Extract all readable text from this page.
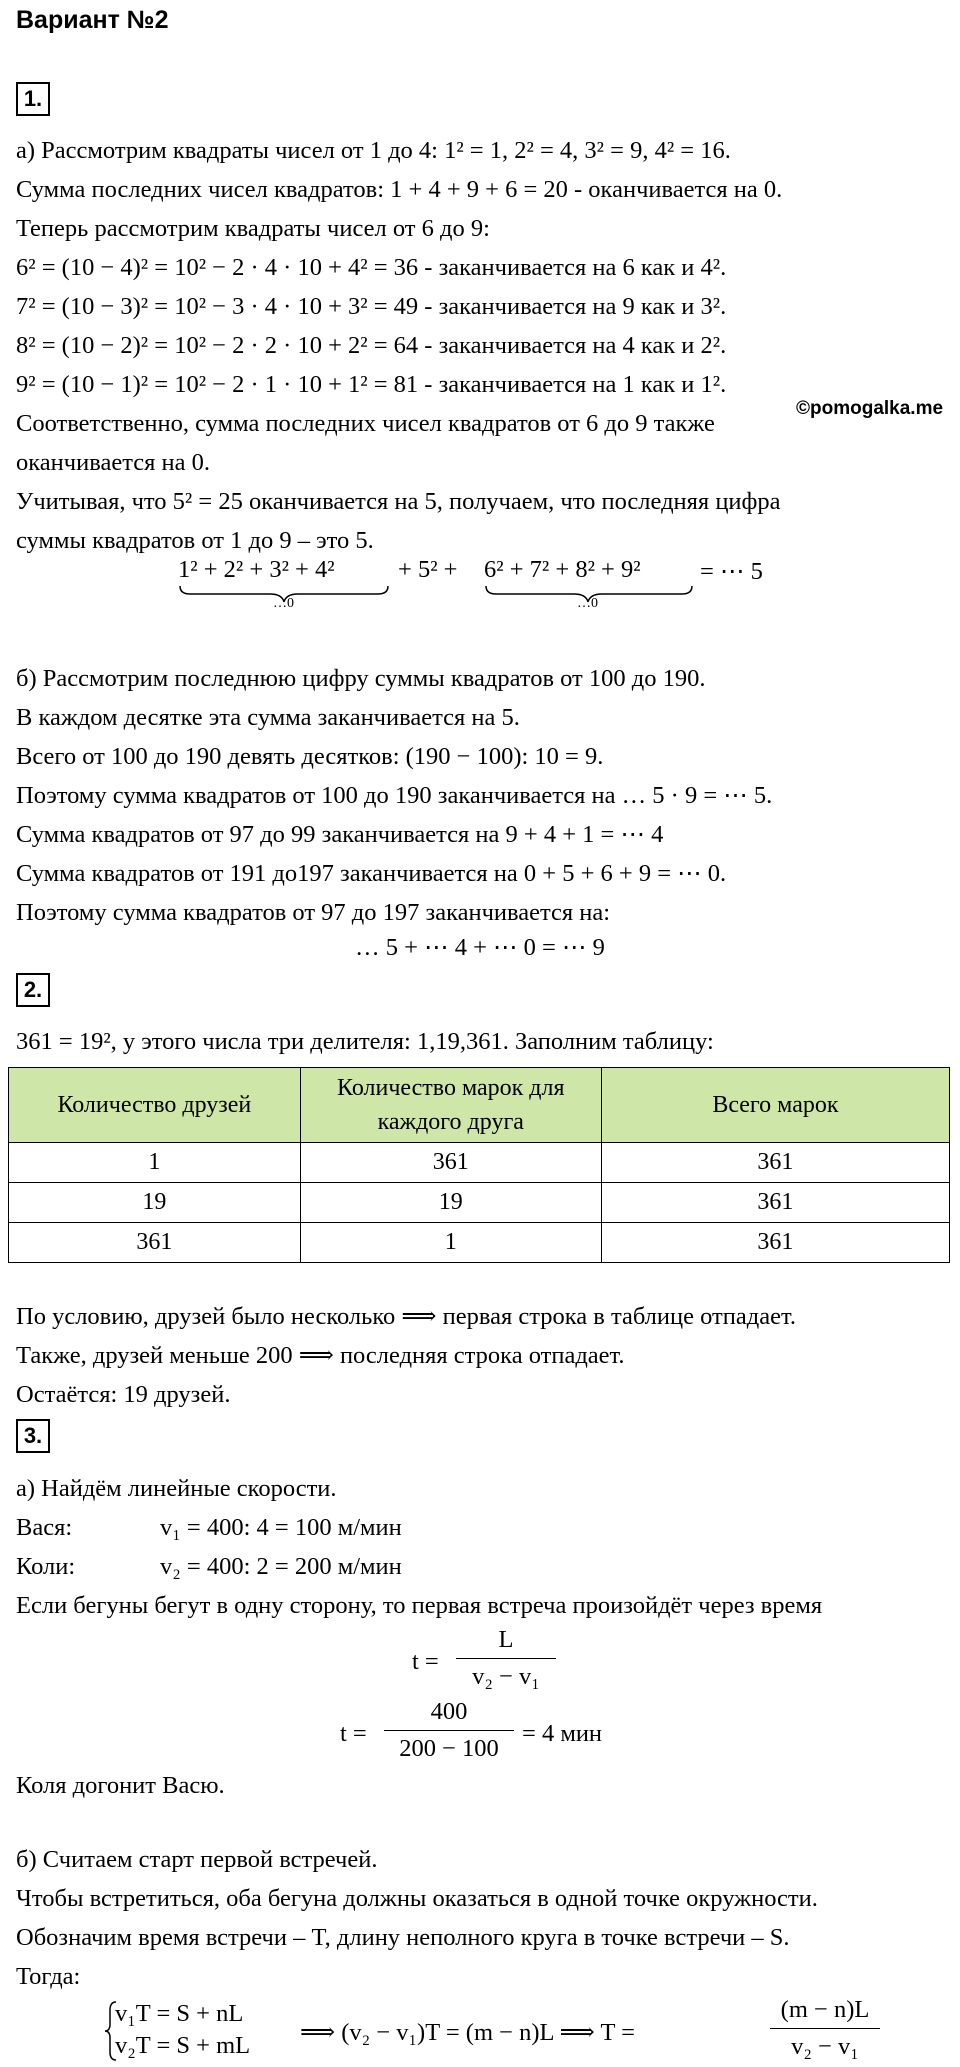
Вариант №2
1.
а) Рассмотрим квадраты чисел от 1 до 4: 1² = 1, 2² = 4, 3² = 9, 4² = 16.
Сумма последних чисел квадратов: 1 + 4 + 9 + 6 = 20 - оканчивается на 0.
Теперь рассмотрим квадраты чисел от 6 до 9:
6² = (10 − 4)² = 10² − 2 · 4 · 10 + 4² = 36 - заканчивается на 6 как и 4².
7² = (10 − 3)² = 10² − 3 · 4 · 10 + 3² = 49 - заканчивается на 9 как и 3².
8² = (10 − 2)² = 10² − 2 · 2 · 10 + 2² = 64 - заканчивается на 4 как и 2².
9² = (10 − 1)² = 10² − 2 · 1 · 10 + 1² = 81 - заканчивается на 1 как и 1².
Соответственно, сумма последних чисел квадратов от 6 до 9 также
©pomogalka.me
оканчивается на 0.
Учитывая, что 5² = 25 оканчивается на 5, получаем, что последняя цифра
суммы квадратов от 1 до 9 – это 5.
1² + 2² + 3² + 4²	+ 5² + 6² + 7² + 8² + 9² = ⋯ 5
…0	…0
б) Рассмотрим последнюю цифру суммы квадратов от 100 до 190.
В каждом десятке эта сумма заканчивается на 5.
Всего от 100 до 190 девять десятков: (190 − 100): 10 = 9.
Поэтому сумма квадратов от 100 до 190 заканчивается на … 5 · 9 = ⋯ 5.
Сумма квадратов от 97 до 99 заканчивается на 9 + 4 + 1 = ⋯ 4
Сумма квадратов от 191 до197 заканчивается на 0 + 5 + 6 + 9 = ⋯ 0.
Поэтому сумма квадратов от 97 до 197 заканчивается на:
… 5 + ⋯ 4 + ⋯ 0 = ⋯ 9
2.
361 = 19², у этого числа три делителя: 1,19,361. Заполним таблицу:
Количество друзей	Количество марок для каждого друга	Всего марок
1	361	361
19	19	361
361	1	361
По условию, друзей было несколько ⟹ первая строка в таблице отпадает.
Также, друзей меньше 200 ⟹ последняя строка отпадает.
Остаётся: 19 друзей.
3.
а) Найдём линейные скорости.
Вася:	v₁ = 400: 4 = 100 м/мин
Коли:	v₂ = 400: 2 = 200 м/мин
Если бегуны бегут в одну сторону, то первая встреча произойдёт через время
t =
L
v₂ − v₁
t =
400
200 − 100
= 4 мин
Коля догонит Васю.
б) Считаем старт первой встречей.
Чтобы встретиться, оба бегуна должны оказаться в одной точке окружности.
Обозначим время встречи – T, длину неполного круга в точке встречи – S.
Тогда:
v₁T = S + nL
v₂T = S + mL ⟹ (v₂ − v₁)T = (m − n)L ⟹ T =
(m − n)L
v₂ − v₁
